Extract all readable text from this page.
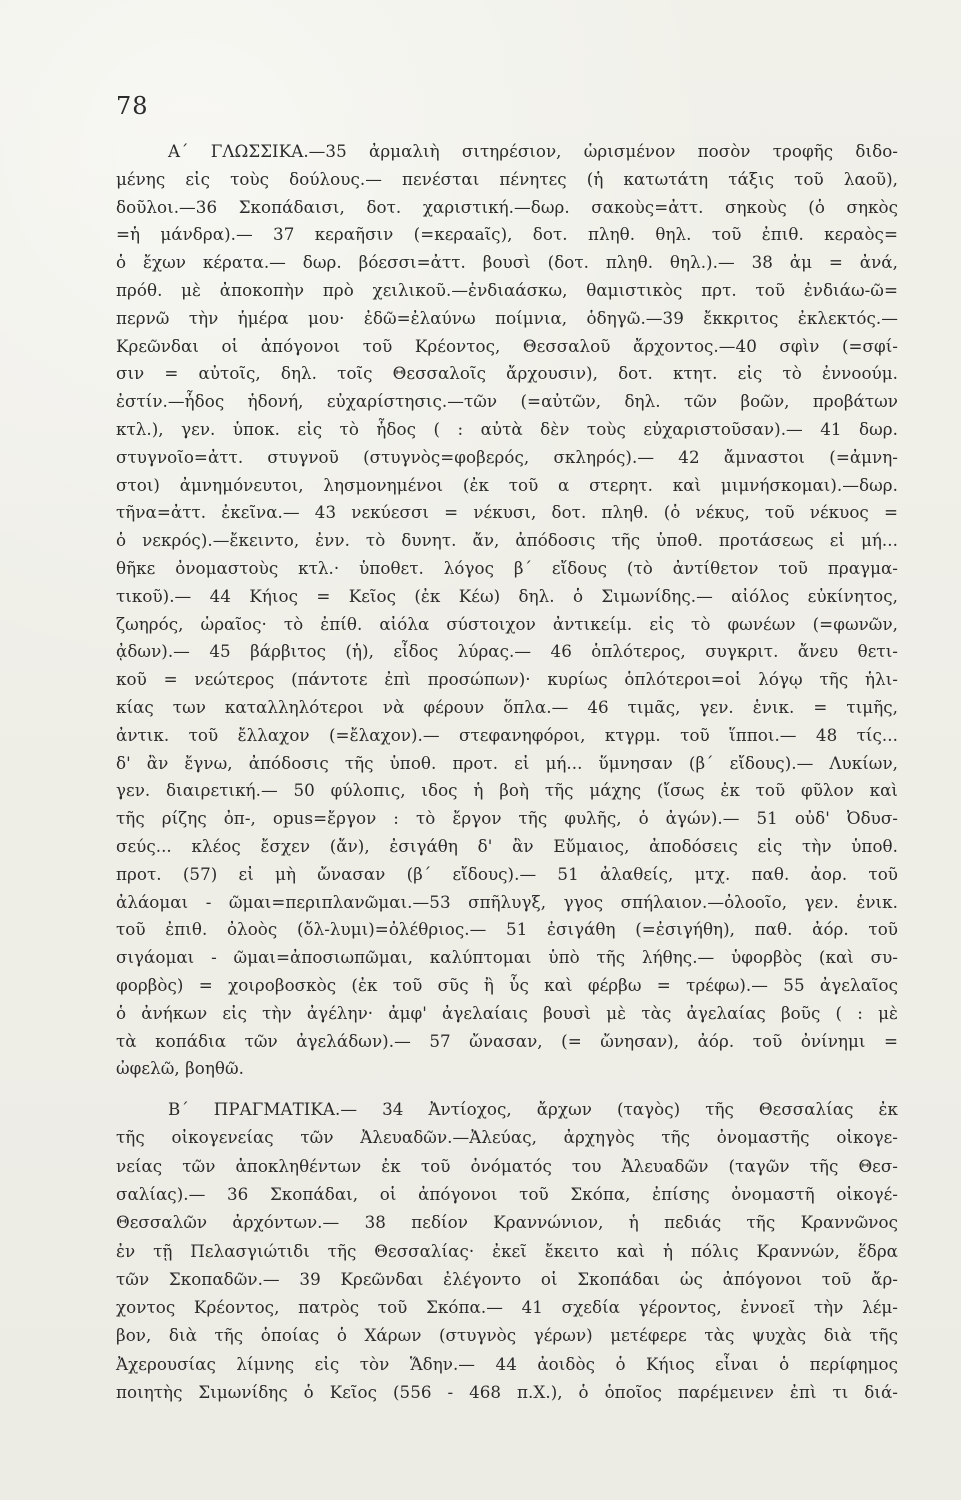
78
Α΄ ΓΛΩΣΣΙΚΑ.—35 ἀρμαλιὴ σιτηρέσιον, ὡρισμένον ποσὸν τροφῆς διδο-
μένης εἰς τοὺς δούλους.— πενέσται πένητες (ἡ κατωτάτη τάξις τοῦ λαοῦ),
δοῦλοι.—36 Σκοπάδαισι, δοτ. χαριστική.—δωρ. σακοὺς=ἀττ. σηκοὺς (ὁ σηκὸς
=ἡ μάνδρα).— 37 κεραῆσιν (=κεραaῖς), δοτ. πληθ. θηλ. τοῦ ἐπιθ. κεραὸς=
ὁ ἔχων κέρατα.— δωρ. βόεσσι=ἀττ. βουσὶ (δοτ. πληθ. θηλ.).— 38 ἀμ = ἀνά,
πρόθ. μὲ ἀποκοπὴν πρὸ χειλικοῦ.—ἐνδιαάσκω, θαμιστικὸς πρτ. τοῦ ἐνδιάω-ῶ=
περνῶ τὴν ἡμέρα μου· ἐδῶ=ἐλαύνω ποίμνια, ὁδηγῶ.—39 ἔκκριτος ἐκλεκτός.—
Κρεῶνδαι οἱ ἀπόγονοι τοῦ Κρέοντος, Θεσσαλοῦ ἄρχοντος.—40 σφὶν (=σφί-
σιν = αὐτοῖς, δηλ. τοῖς Θεσσαλοῖς ἄρχουσιν), δοτ. κτητ. εἰς τὸ ἐννοούμ.
ἐστίν.—ἧδος ἡδονή, εὐχαρίστησις.—τῶν (=αὐτῶν, δηλ. τῶν βοῶν, προβάτων
κτλ.), γεν. ὑποκ. εἰς τὸ ἧδος ( : αὐτὰ δὲν τοὺς εὐχαριστοῦσαν).— 41 δωρ.
στυγνοῖο=ἀττ. στυγνοῦ (στυγνὸς=φοβερός, σκληρός).— 42 ἄμναστοι (=ἀμνη-
στοι) ἀμνημόνευτοι, λησμονημένοι (ἐκ τοῦ α στερητ. καὶ μιμνήσκομαι).—δωρ.
τῆνα=ἀττ. ἐκεῖνα.— 43 νεκύεσσι = νέκυσι, δοτ. πληθ. (ὁ νέκυς, τοῦ νέκυος =
ὁ νεκρός).—ἔκειντο, ἐνν. τὸ δυνητ. ἄν, ἀπόδοσις τῆς ὑποθ. προτάσεως εἰ μή...
θῆκε ὀνομαστοὺς κτλ.· ὑποθετ. λόγος β΄ εἴδους (τὸ ἀντίθετον τοῦ πραγμα-
τικοῦ).— 44 Κήιος = Κεῖος (ἐκ Κέω) δηλ. ὁ Σιμωνίδης.— αἰόλος εὐκίνητος,
ζωηρός, ὡραῖος· τὸ ἐπίθ. αἰόλα σύστοιχον ἀντικείμ. εἰς τὸ φωνέων (=φωνῶν,
ᾀδων).— 45 βάρβιτος (ἡ), εἶδος λύρας.— 46 ὁπλότερος, συγκριτ. ἄνευ θετι-
κοῦ = νεώτερος (πάντοτε ἐπὶ προσώπων)· κυρίως ὁπλότεροι=οἱ λόγῳ τῆς ἡλι-
κίας των καταλληλότεροι νὰ φέρουν ὅπλα.— 46 τιμᾶς, γεν. ἑνικ. = τιμῆς,
ἀντικ. τοῦ ἔλλαχον (=ἔλαχον).— στεφανηφόροι, κτγρμ. τοῦ ἵπποι.— 48 τίς...
δ' ἂν ἔγνω, ἀπόδοσις τῆς ὑποθ. προτ. εἰ μή... ὕμνησαν (β΄ εἴδους).— Λυκίων,
γεν. διαιρετική.— 50 φύλοπις, ιδος ἡ βοὴ τῆς μάχης (ἴσως ἐκ τοῦ φῦλον καὶ
τῆς ρίζης ὀπ-, opus=ἔργον : τὸ ἔργον τῆς φυλῆς, ὁ ἀγών).— 51 οὐδ' Ὀδυσ-
σεύς... κλέος ἔσχεν (ἄν), ἐσιγάθη δ' ἂν Εὔμαιος, ἀποδόσεις εἰς τὴν ὑποθ.
προτ. (57) εἰ μὴ ὤνασαν (β΄ εἴδους).— 51 ἀλαθείς, μτχ. παθ. ἀορ. τοῦ
ἀλάομαι - ῶμαι=περιπλανῶμαι.—53 σπῆλυγξ, γγος σπήλαιον.—ὀλοοῖο, γεν. ἑνικ.
τοῦ ἐπιθ. ὀλοὸς (ὄλ-λυμι)=ὀλέθριος.— 51 ἐσιγάθη (=ἐσιγήθη), παθ. ἀόρ. τοῦ
σιγάομαι - ῶμαι=ἀποσιωπῶμαι, καλύπτομαι ὑπὸ τῆς λήθης.— ὑφορβὸς (καὶ συ-
φορβὸς) = χοιροβοσκὸς (ἐκ τοῦ σῦς ἢ ὗς καὶ φέρβω = τρέφω).— 55 ἀγελαῖος
ὁ ἀνήκων εἰς τὴν ἀγέλην· ἀμφ' ἀγελαίαις βουσὶ μὲ τὰς ἀγελαίας βοῦς ( : μὲ
τὰ κοπάδια τῶν ἀγελάδων).— 57 ὤνασαν, (= ὤνησαν), ἀόρ. τοῦ ὀνίνημι =
ὠφελῶ, βοηθῶ.
Β΄ ΠΡΑΓΜΑΤΙΚΑ.— 34 Ἀντίοχος, ἄρχων (ταγὸς) τῆς Θεσσαλίας ἐκ
τῆς οἰκογενείας τῶν Ἀλευαδῶν.—Ἀλεύας, ἀρχηγὸς τῆς ὀνομαστῆς οἰκογε-
νείας τῶν ἀποκληθέντων ἐκ τοῦ ὀνόματός του Ἀλευαδῶν (ταγῶν τῆς Θεσ-
σαλίας).— 36 Σκοπάδαι, οἱ ἀπόγονοι τοῦ Σκόπα, ἐπίσης ὀνομαστῆ οἰκογέ-
Θεσσαλῶν ἀρχόντων.— 38 πεδίον Κραννώνιον, ἡ πεδιάς τῆς Κραννῶνος
ἐν τῇ Πελασγιώτιδι τῆς Θεσσαλίας· ἐκεῖ ἔκειτο καὶ ἡ πόλις Κραννών, ἕδρα
τῶν Σκοπαδῶν.— 39 Κρεῶνδαι ἐλέγοντο οἱ Σκοπάδαι ὡς ἀπόγονοι τοῦ ἄρ-
χοντος Κρέοντος, πατρὸς τοῦ Σκόπα.— 41 σχεδία γέροντος, ἐννοεῖ τὴν λέμ-
βον, διὰ τῆς ὁποίας ὁ Χάρων (στυγνὸς γέρων) μετέφερε τὰς ψυχὰς διὰ τῆς
Ἀχερουσίας λίμνης εἰς τὸν Ἅδην.— 44 ἀοιδὸς ὁ Κήιος εἶναι ὁ περίφημος
ποιητὴς Σιμωνίδης ὁ Κεῖος (556 - 468 π.Χ.), ὁ ὁποῖος παρέμεινεν ἐπὶ τι διά-
